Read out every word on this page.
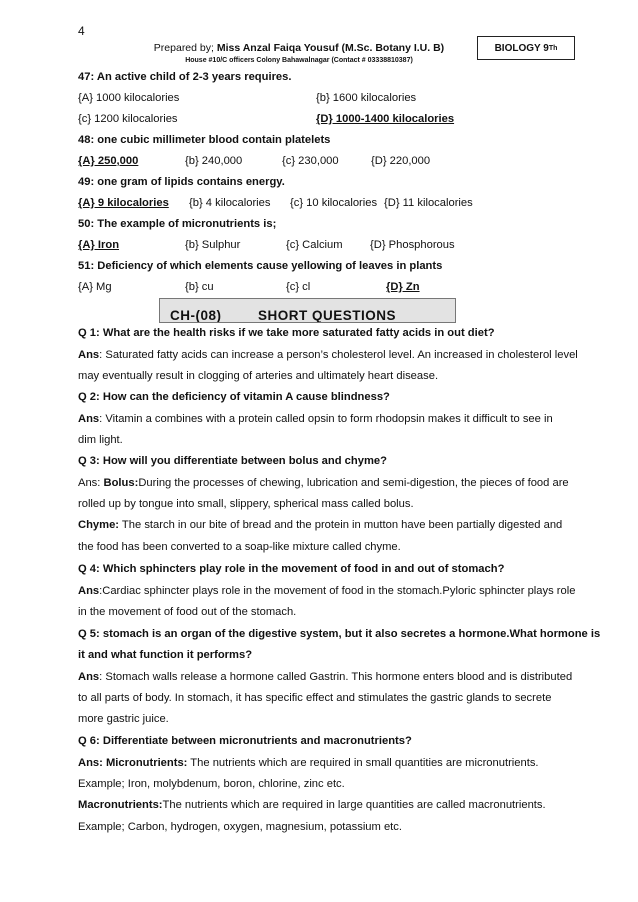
4
Prepared by; Miss Anzal Faiqa Yousuf (M.Sc. Botany I.U. B)
House #10/C officers Colony Bahawalnagar (Contact # 03338810387)
BIOLOGY 9 Th
47: An active child of 2-3 years requires.
{A} 1000 kilocalories	{b} 1600 kilocalories
{c} 1200 kilocalories	{D} 1000-1400 kilocalories
48: one cubic millimeter blood contain platelets
{A} 250,000	{b} 240,000	{c} 230,000	{D} 220,000
49: one gram of lipids contains energy.
{A} 9 kilocalories {b} 4 kilocalories {c} 10 kilocalories {D} 11 kilocalories
50: The example of micronutrients is;
{A} Iron	{b} Sulphur	{c} Calcium {D} Phosphorous
51: Deficiency of which elements cause yellowing of leaves in plants
{A} Mg	{b} cu	{c} cl	{D} Zn
CH-(08)	SHORT QUESTIONS
Q 1: What are the health risks if we take more saturated fatty acids in out diet?
Ans: Saturated fatty acids can increase a person’s cholesterol level. An increased in cholesterol level
may eventually result in clogging of arteries and ultimately heart disease.
Q 2: How can the deficiency of vitamin A cause blindness?
Ans: Vitamin a combines with a protein called opsin to form rhodopsin makes it difficult to see in
dim light.
Q 3: How will you differentiate between bolus and chyme?
Ans: Bolus:During the processes of chewing, lubrication and semi-digestion, the pieces of food are
rolled up by tongue into small, slippery, spherical mass called bolus.
Chyme: The starch in our bite of bread and the protein in mutton have been partially digested and
the food has been converted to a soap-like mixture called chyme.
Q 4: Which sphincters play role in the movement of food in and out of stomach?
Ans:Cardiac sphincter plays role in the movement of food in the stomach.Pyloric sphincter plays role
in the movement of food out of the stomach.
Q 5: stomach is an organ of the digestive system, but it also secretes a hormone.What hormone is
it and what function it performs?
Ans: Stomach walls release a hormone called Gastrin. This hormone enters blood and is distributed
to all parts of body. In stomach, it has specific effect and stimulates the gastric glands to secrete
more gastric juice.
Q 6: Differentiate between micronutrients and macronutrients?
Ans: Micronutrients: The nutrients which are required in small quantities are micronutrients.
Example; Iron, molybdenum, boron, chlorine, zinc etc.
Macronutrients:The nutrients which are required in large quantities are called macronutrients.
Example; Carbon, hydrogen, oxygen, magnesium, potassium etc.
